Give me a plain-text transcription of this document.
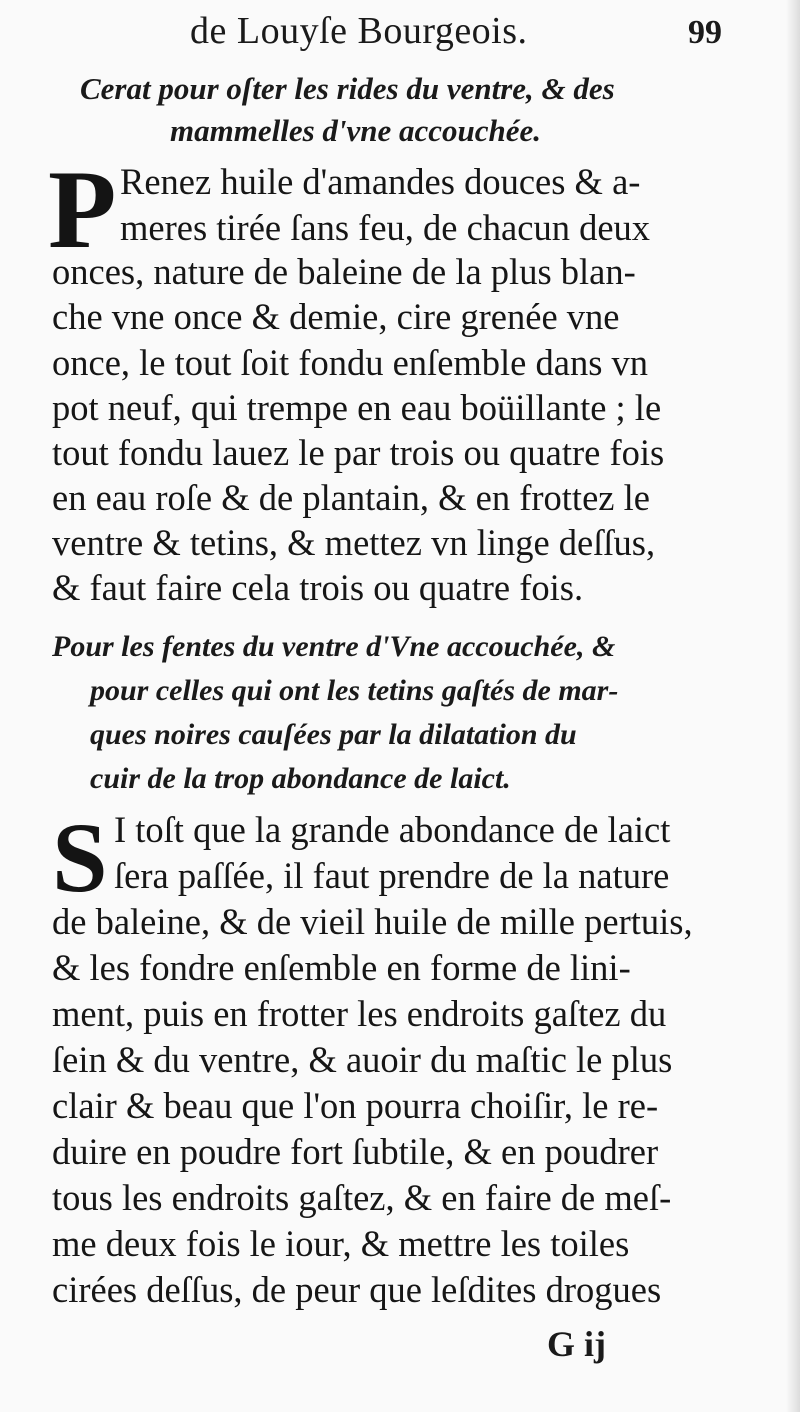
de Louyſe Bourgeois.	99
Cerat pour oſter les rides du ventre, & des
mammelles d'vne accouchée.
P Renez huile d'amandes douces & a-
meres tirée ſans feu, de chacun deux
onces, nature de baleine de la plus blan-
che vne once & demie, cire grenée vne
once, le tout ſoit fondu enſemble dans vn
pot neuf, qui trempe en eau boüillante ; le
tout fondu lauez le par trois ou quatre fois
en eau roſe & de plantain, & en frottez le
ventre & tetins, & mettez vn linge deſſus,
& faut faire cela trois ou quatre fois.
Pour les fentes du ventre d'Vne accouchée, &
pour celles qui ont les tetins gaſtés de mar-
ques noires cauſées par la dilatation du
cuir de la trop abondance de laict.
S I toſt que la grande abondance de laict
ſera paſſée, il faut prendre de la nature
de baleine, & de vieil huile de mille pertuis,
& les fondre enſemble en forme de lini-
ment, puis en frotter les endroits gaſtez du
ſein & du ventre, & auoir du maſtic le plus
clair & beau que l'on pourra choiſir, le re-
duire en poudre fort ſubtile, & en poudrer
tous les endroits gaſtez, & en faire de meſ-
me deux fois le iour, & mettre les toiles
cirées deſſus, de peur que leſdites drogues
G ij
